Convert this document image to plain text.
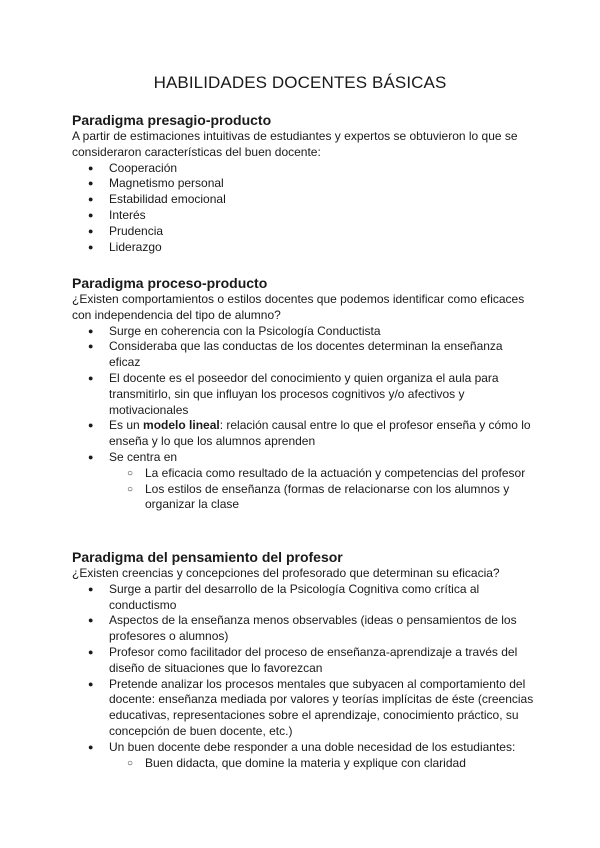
HABILIDADES DOCENTES BÁSICAS
Paradigma presagio-producto

A partir de estimaciones intuitivas de estudiantes y expertos se obtuvieron lo que se consideraron características del buen docente:

● Cooperación
● Magnetismo personal
● Estabilidad emocional
● Interés
● Prudencia
● Liderazgo
Paradigma proceso-producto

¿Existen comportamientos o estilos docentes que podemos identificar como eficaces con independencia del tipo de alumno?

● Surge en coherencia con la Psicología Conductista
● Consideraba que las conductas de los docentes determinan la enseñanza eficaz
● El docente es el poseedor del conocimiento y quien organiza el aula para transmitirlo, sin que influyan los procesos cognitivos y/o afectivos y motivacionales
● Es un modelo lineal: relación causal entre lo que el profesor enseña y cómo lo enseña y lo que los alumnos aprenden
● Se centra en
○ La eficacia como resultado de la actuación y competencias del profesor
○ Los estilos de enseñanza (formas de relacionarse con los alumnos y organizar la clase
Paradigma del pensamiento del profesor

¿Existen creencias y concepciones del profesorado que determinan su eficacia?

● Surge a partir del desarrollo de la Psicología Cognitiva como crítica al conductismo
● Aspectos de la enseñanza menos observables (ideas o pensamientos de los profesores o alumnos)
● Profesor como facilitador del proceso de enseñanza-aprendizaje a través del diseño de situaciones que lo favorezcan
● Pretende analizar los procesos mentales que subyacen al comportamiento del docente: enseñanza mediada por valores y teorías implícitas de éste (creencias educativas, representaciones sobre el aprendizaje, conocimiento práctico, su concepción de buen docente, etc.)
● Un buen docente debe responder a una doble necesidad de los estudiantes:
○ Buen didacta, que domine la materia y explique con claridad
